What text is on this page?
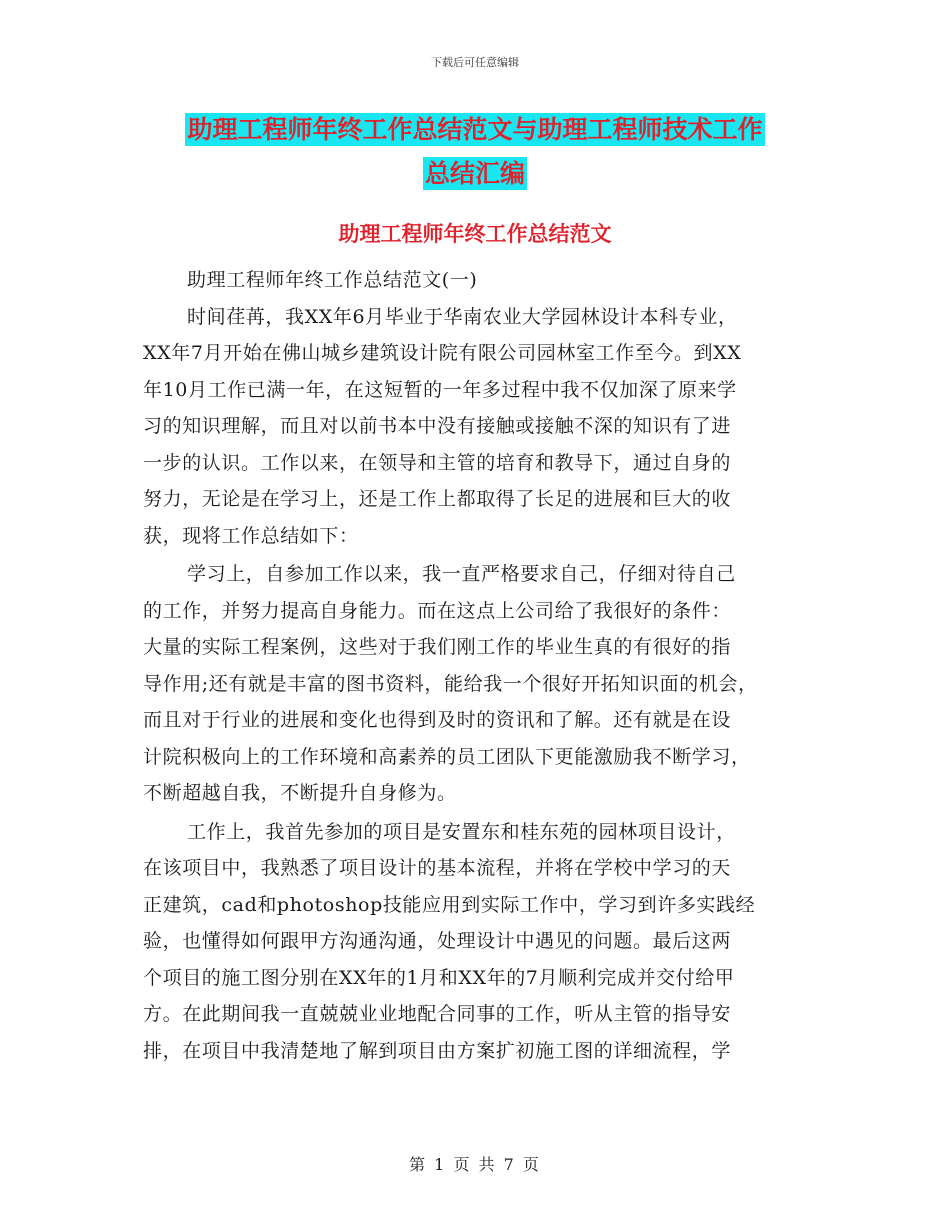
下载后可任意编辑
助理工程师年终工作总结范文与助理工程师技术工作
总结汇编
助理工程师年终工作总结范文
助理工程师年终工作总结范文(一)
时间荏苒，我XX年6月毕业于华南农业大学园林设计本科专业，
XX年7月开始在佛山城乡建筑设计院有限公司园林室工作至今。到XX
年10月工作已满一年，在这短暂的一年多过程中我不仅加深了原来学
习的知识理解，而且对以前书本中没有接触或接触不深的知识有了进
一步的认识。工作以来，在领导和主管的培育和教导下，通过自身的
努力，无论是在学习上，还是工作上都取得了长足的进展和巨大的收
获，现将工作总结如下：
学习上，自参加工作以来，我一直严格要求自己，仔细对待自己
的工作，并努力提高自身能力。而在这点上公司给了我很好的条件：
大量的实际工程案例，这些对于我们刚工作的毕业生真的有很好的指
导作用;还有就是丰富的图书资料，能给我一个很好开拓知识面的机会，
而且对于行业的进展和变化也得到及时的资讯和了解。还有就是在设
计院积极向上的工作环境和高素养的员工团队下更能激励我不断学习，
不断超越自我，不断提升自身修为。
工作上，我首先参加的项目是安置东和桂东苑的园林项目设计，
在该项目中，我熟悉了项目设计的基本流程，并将在学校中学习的天
正建筑，cad和photoshop技能应用到实际工作中，学习到许多实践经
验，也懂得如何跟甲方沟通沟通，处理设计中遇见的问题。最后这两
个项目的施工图分别在XX年的1月和XX年的7月顺利完成并交付给甲
方。在此期间我一直兢兢业业地配合同事的工作，听从主管的指导安
排，在项目中我清楚地了解到项目由方案扩初施工图的详细流程，学
第 1 页 共 7 页
